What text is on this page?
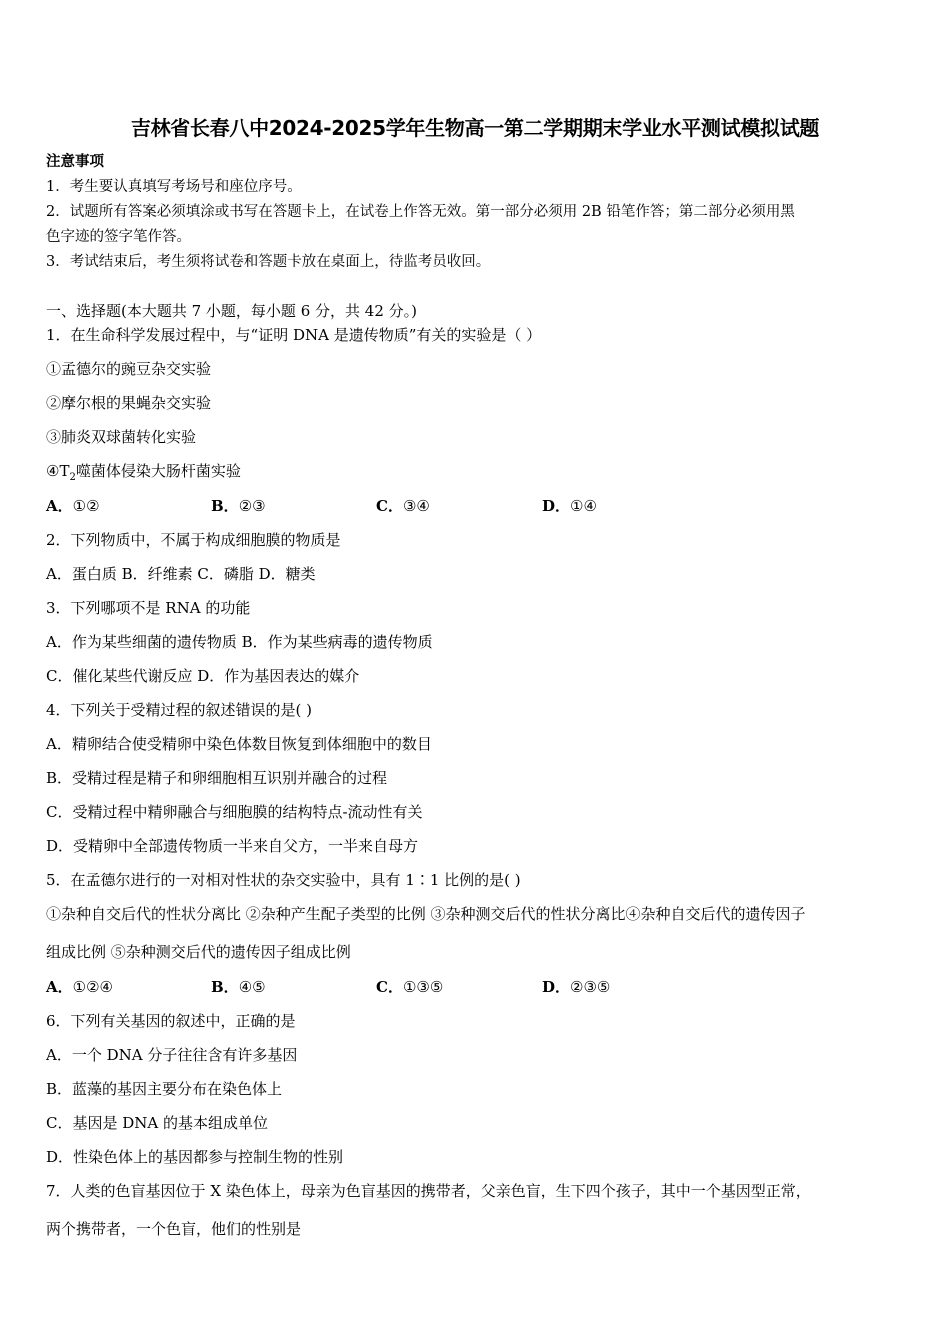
吉林省长春八中2024-2025学年生物高一第二学期期末学业水平测试模拟试题
注意事项
1．考生要认真填写考场号和座位序号。
2．试题所有答案必须填涂或书写在答题卡上，在试卷上作答无效。第一部分必须用 2B 铅笔作答；第二部分必须用黑
色字迹的签字笔作答。
3．考试结束后，考生须将试卷和答题卡放在桌面上，待监考员收回。
一、选择题(本大题共 7 小题，每小题 6 分，共 42 分。)
1．在生命科学发展过程中，与“证明 DNA 是遗传物质”有关的实验是（ ）
①孟德尔的豌豆杂交实验
②摩尔根的果蝇杂交实验
③肺炎双球菌转化实验
$④T_2$噬菌体侵染大肠杆菌实验
A．①②	B．②③	C．③④	D．①④
2．下列物质中，不属于构成细胞膜的物质是
A．蛋白质 B．纤维素 C．磷脂 D．糖类
3．下列哪项不是 RNA 的功能
A．作为某些细菌的遗传物质 B．作为某些病毒的遗传物质
C．催化某些代谢反应 D．作为基因表达的媒介
4．下列关于受精过程的叙述错误的是( )
A．精卵结合使受精卵中染色体数目恢复到体细胞中的数目
B．受精过程是精子和卵细胞相互识别并融合的过程
C．受精过程中精卵融合与细胞膜的结构特点-流动性有关
D．受精卵中全部遗传物质一半来自父方，一半来自母方
5．在孟德尔进行的一对相对性状的杂交实验中，具有 1∶1 比例的是( )
①杂种自交后代的性状分离比 ②杂种产生配子类型的比例 ③杂种测交后代的性状分离比④杂种自交后代的遗传因子
组成比例 ⑤杂种测交后代的遗传因子组成比例
A．①②④	B．④⑤	C．①③⑤	D．②③⑤
6．下列有关基因的叙述中，正确的是
A．一个 DNA 分子往往含有许多基因
B．蓝藻的基因主要分布在染色体上
C．基因是 DNA 的基本组成单位
D．性染色体上的基因都参与控制生物的性别
7．人类的色盲基因位于 X 染色体上，母亲为色盲基因的携带者，父亲色盲，生下四个孩子，其中一个基因型正常，
两个携带者，一个色盲，他们的性别是
